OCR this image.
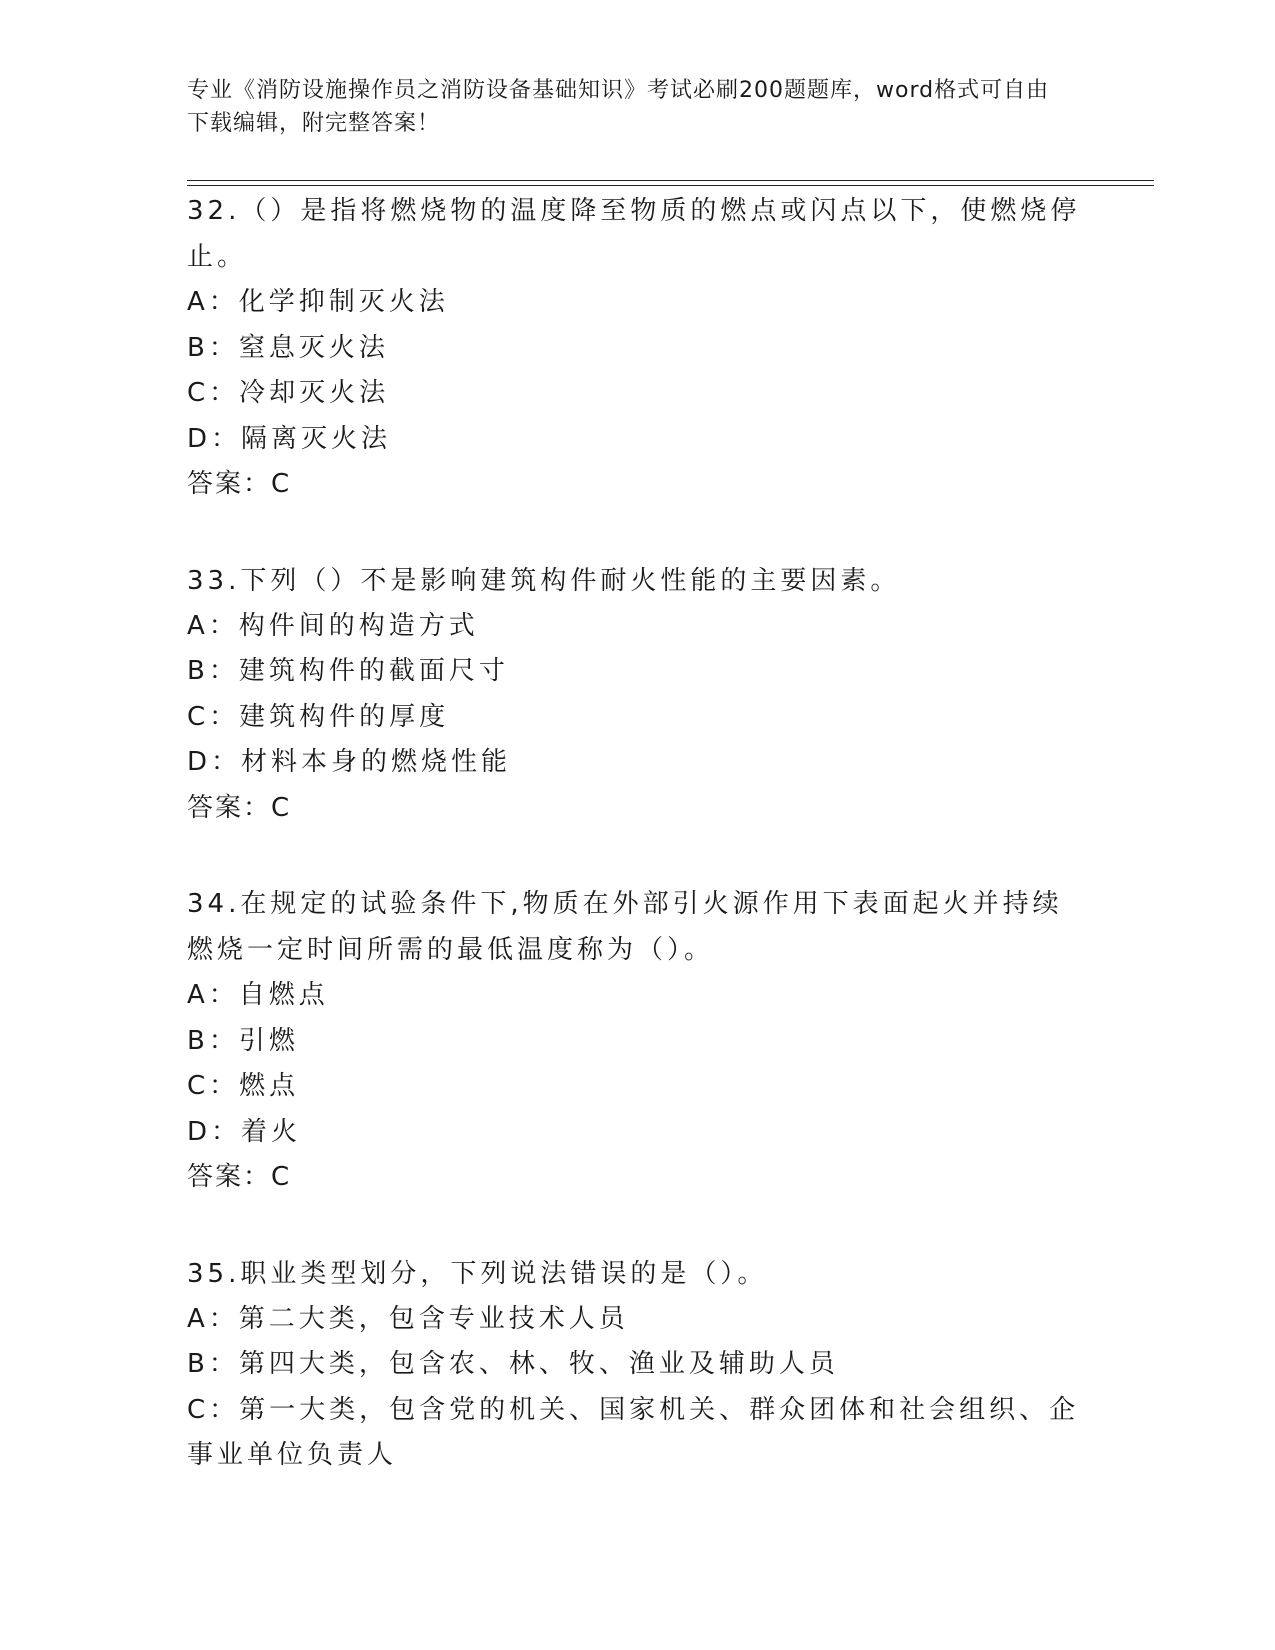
专业《消防设施操作员之消防设备基础知识》考试必刷200题题库，word格式可自由下载编辑，附完整答案！
32.（）是指将燃烧物的温度降至物质的燃点或闪点以下，使燃烧停止。
A：化学抑制灭火法
B：窒息灭火法
C：冷却灭火法
D：隔离灭火法
答案：C
33.下列（）不是影响建筑构件耐火性能的主要因素。
A：构件间的构造方式
B：建筑构件的截面尺寸
C：建筑构件的厚度
D：材料本身的燃烧性能
答案：C
34.在规定的试验条件下,物质在外部引火源作用下表面起火并持续燃烧一定时间所需的最低温度称为（）。
A：自燃点
B：引燃
C：燃点
D：着火
答案：C
35.职业类型划分，下列说法错误的是（）。
A：第二大类，包含专业技术人员
B：第四大类，包含农、林、牧、渔业及辅助人员
C：第一大类，包含党的机关、国家机关、群众团体和社会组织、企事业单位负责人
